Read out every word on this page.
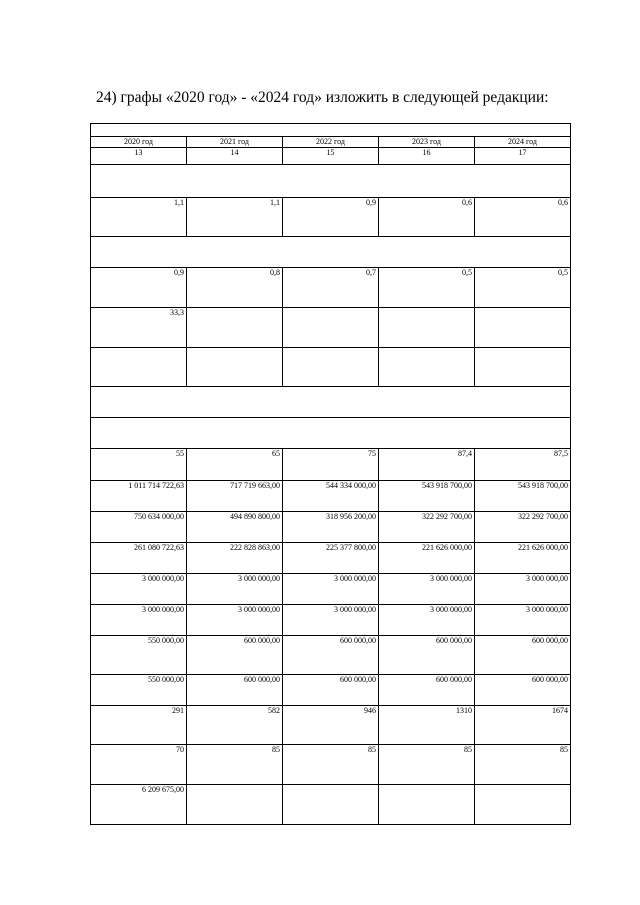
24) графы «2020 год» - «2024 год» изложить в следующей редакции:

2020 год	2021 год	2022 год	2023 год	2024 год
13	14	15	16	17

1,1	1,1	0,9	0,6	0,6

0,9	0,8	0,7	0,5	0,5
33,3				

55	65	75	87,4	87,5
1 011 714 722,63	717 719 663,00	544 334 000,00	543 918 700,00	543 918 700,00
750 634 000,00	494 890 800,00	318 956 200,00	322 292 700,00	322 292 700,00
261 080 722,63	222 828 863,00	225 377 800,00	221 626 000,00	221 626 000,00
3 000 000,00	3 000 000,00	3 000 000,00	3 000 000,00	3 000 000,00
3 000 000,00	3 000 000,00	3 000 000,00	3 000 000,00	3 000 000,00
550 000,00	600 000,00	600 000,00	600 000,00	600 000,00
550 000,00	600 000,00	600 000,00	600 000,00	600 000,00
291	582	946	1310	1674
70	85	85	85	85
6 209 675,00				
